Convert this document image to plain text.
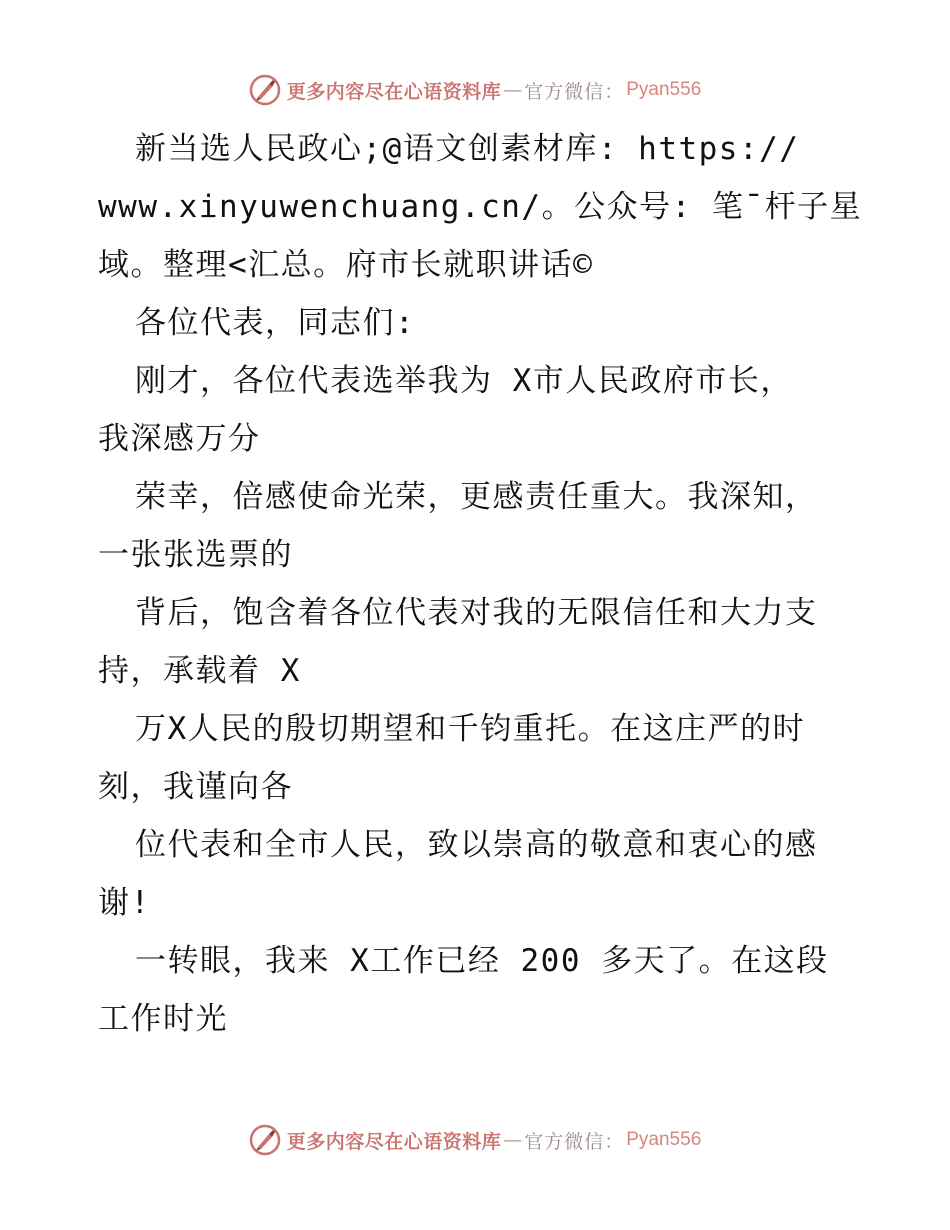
更多内容尽在心语资料库 — 官方微信： Pyan556
新当选人民政心;@语文创素材库: https://
www.xinyuwenchuang.cn/。公众号: 笔¯杆子星
域。整理<汇总。府市长就职讲话©
各位代表，同志们:
刚才，各位代表选举我为 X市人民政府市长，
我深感万分
荣幸，倍感使命光荣，更感责任重大。我深知，
一张张选票的
背后，饱含着各位代表对我的无限信任和大力支
持，承载着 X
万X人民的殷切期望和千钧重托。在这庄严的时
刻，我谨向各
位代表和全市人民，致以崇高的敬意和衷心的感
谢!
一转眼，我来 X工作已经 200 多天了。在这段
工作时光
更多内容尽在心语资料库 — 官方微信： Pyan556
